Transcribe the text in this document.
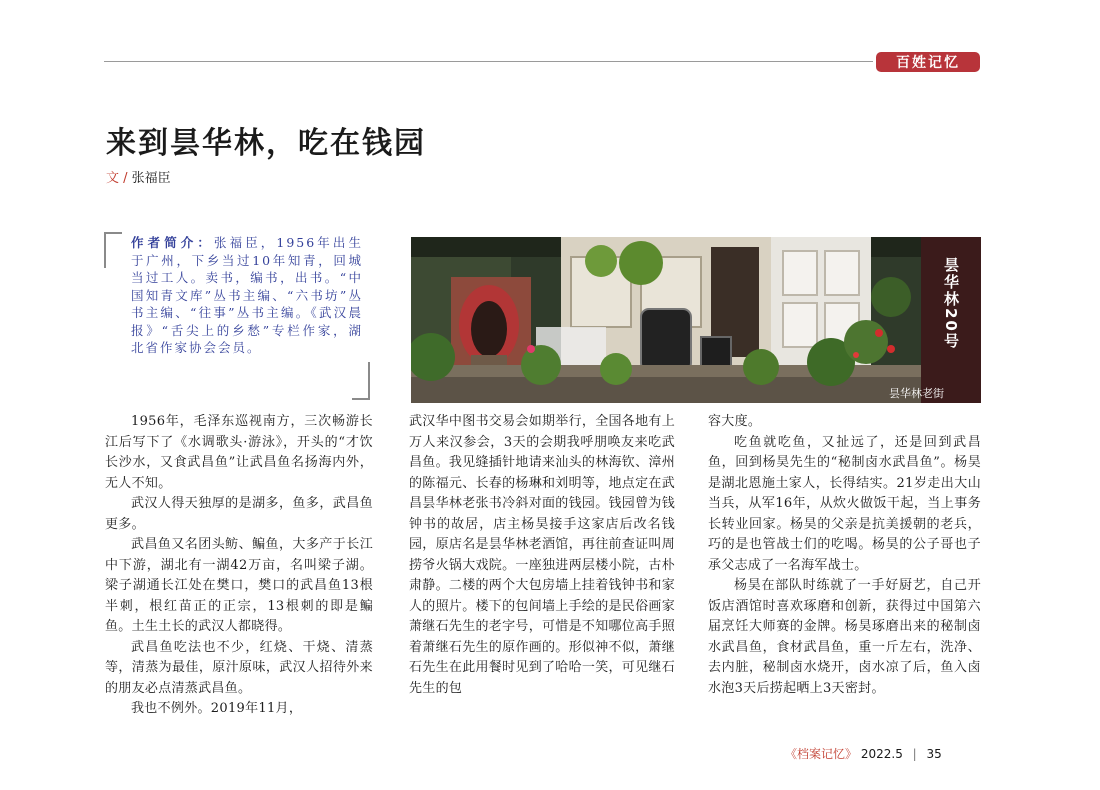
百姓记忆
来到昙华林，吃在钱园
文 / 张福臣
作者简介：张福臣，1956年出生于广州，下乡当过10年知青，回城当过工人。卖书，编书，出书。“中国知青文库”丛书主编、“六书坊”丛书主编、“往事”丛书主编。《武汉晨报》“舌尖上的乡愁”专栏作家，湖北省作家协会会员。	昙华林20号
昙华林老街

1956年，毛泽东巡视南方，三次畅游长江后写下了《水调歌头·游泳》，开头的“才饮长沙水，又食武昌鱼”让武昌鱼名扬海内外，无人不知。

武汉人得天独厚的是湖多，鱼多，武昌鱼更多。

武昌鱼又名团头鲂、鳊鱼，大多产于长江中下游，湖北有一湖42万亩，名叫梁子湖。梁子湖通长江处在樊口，樊口的武昌鱼13根半刺，根红苗正的正宗，13根刺的即是鳊鱼。土生土长的武汉人都晓得。

武昌鱼吃法也不少，红烧、干烧、清蒸等，清蒸为最佳，原汁原味，武汉人招待外来的朋友必点清蒸武昌鱼。

我也不例外。2019年11月，

武汉华中图书交易会如期举行，全国各地有上万人来汉参会，3天的会期我呼朋唤友来吃武昌鱼。我见缝插针地请来汕头的林海钦、漳州的陈福元、长春的杨琳和刘明等，地点定在武昌昙华林老张书冷斜对面的钱园。钱园曾为钱钟书的故居，店主杨昊接手这家店后改名钱园，原店名是昙华林老酒馆，再往前查证叫周捞爷火锅大戏院。一座独进两层楼小院，古朴肃静。二楼的两个大包房墙上挂着钱钟书和家人的照片。楼下的包间墙上手绘的是民俗画家萧继石先生的老字号，可惜是不知哪位高手照着萧继石先生的原作画的。形似神不似，萧继石先生在此用餐时见到了哈哈一笑，可见继石先生的包

容大度。

吃鱼就吃鱼，又扯远了，还是回到武昌鱼，回到杨昊先生的“秘制卤水武昌鱼”。杨昊是湖北恩施土家人，长得结实。21岁走出大山当兵，从军16年，从炊火做饭干起，当上事务长转业回家。杨昊的父亲是抗美援朝的老兵，巧的是也管战士们的吃喝。杨昊的公子哥也子承父志成了一名海军战士。

杨昊在部队时练就了一手好厨艺，自己开饭店酒馆时喜欢琢磨和创新，获得过中国第六届烹饪大师赛的金牌。杨昊琢磨出来的秘制卤水武昌鱼，食材武昌鱼，重一斤左右，洗净、去内脏，秘制卤水烧开，卤水凉了后，鱼入卤水泡3天后捞起晒上3天密封。

《档案记忆》 2022.5 | 35
